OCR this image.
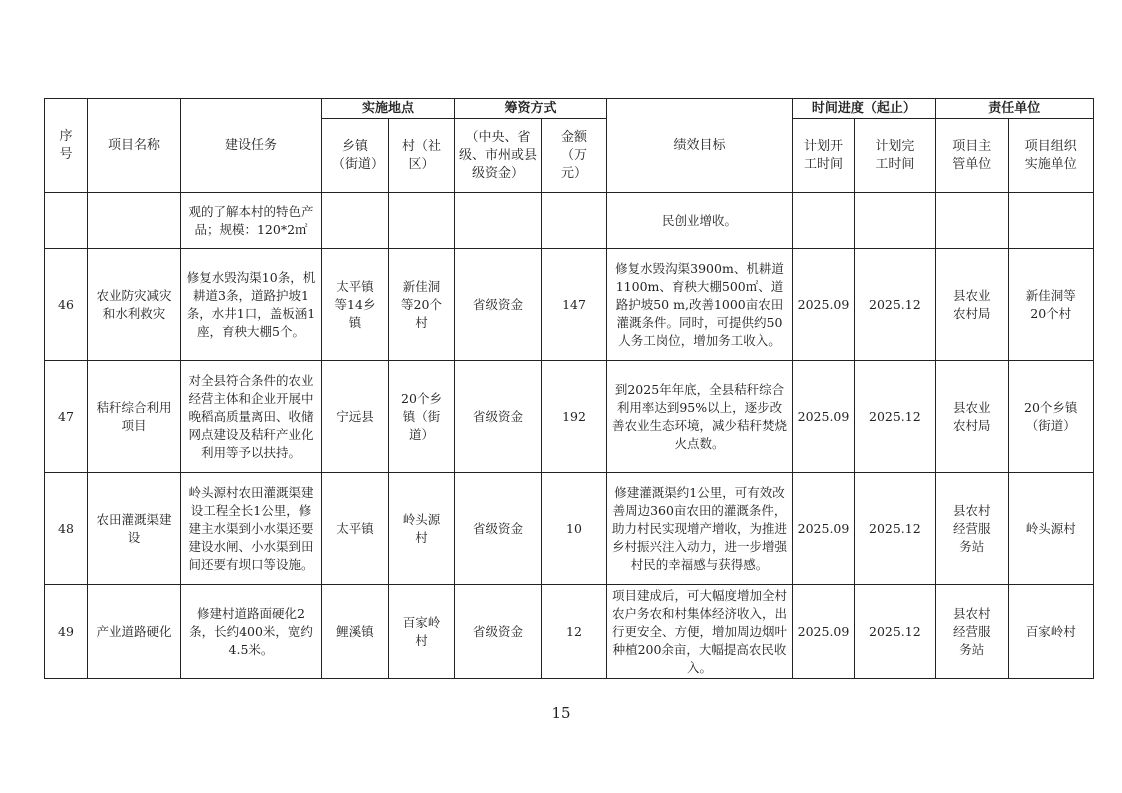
序号	项目名称	建设任务	实施地点		筹资方式		绩效目标	时间进度（起止）		责任单位	
			乡镇（街道）	村（社区）	（中央、省级、市州或县级资金）	金额（万元）		计划开工时间	计划完工时间	项目主管单位	项目组织实施单位
		观的了解本村的特色产品；规模：120*2㎡					民创业增收。				
46	农业防灾减灾和水利救灾	修复水毁沟渠10条，机耕道3条，道路护坡1条，水井1口，盖板涵1座，育秧大棚5个。	太平镇等14乡镇	新佳洞等20个村	省级资金	147	修复水毁沟渠3900m、机耕道1100m、育秧大棚500㎡、道路护坡50 m,改善1000亩农田灌溉条件。同时，可提供约50人务工岗位，增加务工收入。	2025.09	2025.12	县农业农村局	新佳洞等20个村
47	秸秆综合利用项目	对全县符合条件的农业经营主体和企业开展中晚稻高质量离田、收储网点建设及秸秆产业化利用等予以扶持。	宁远县	20个乡镇（街道）	省级资金	192	到2025年年底，全县秸秆综合利用率达到95%以上，逐步改善农业生态环境，减少秸秆焚烧火点数。	2025.09	2025.12	县农业农村局	20个乡镇（街道）
48	农田灌溉渠建设	岭头源村农田灌溉渠建设工程全长1公里，修建主水渠到小水渠还要建设水闸、小水渠到田间还要有坝口等设施。	太平镇	岭头源村	省级资金	10	修建灌溉渠约1公里，可有效改善周边360亩农田的灌溉条件，助力村民实现增产增收，为推进乡村振兴注入动力，进一步增强村民的幸福感与获得感。	2025.09	2025.12	县农村经营服务站	岭头源村
49	产业道路硬化	修建村道路面硬化2条，长约400米，宽约4.5米。	鲤溪镇	百家岭村	省级资金	12	项目建成后，可大幅度增加全村农户务农和村集体经济收入，出行更安全、方便，增加周边烟叶种植200余亩，大幅提高农民收入。	2025.09	2025.12	县农村经营服务站	百家岭村
15
